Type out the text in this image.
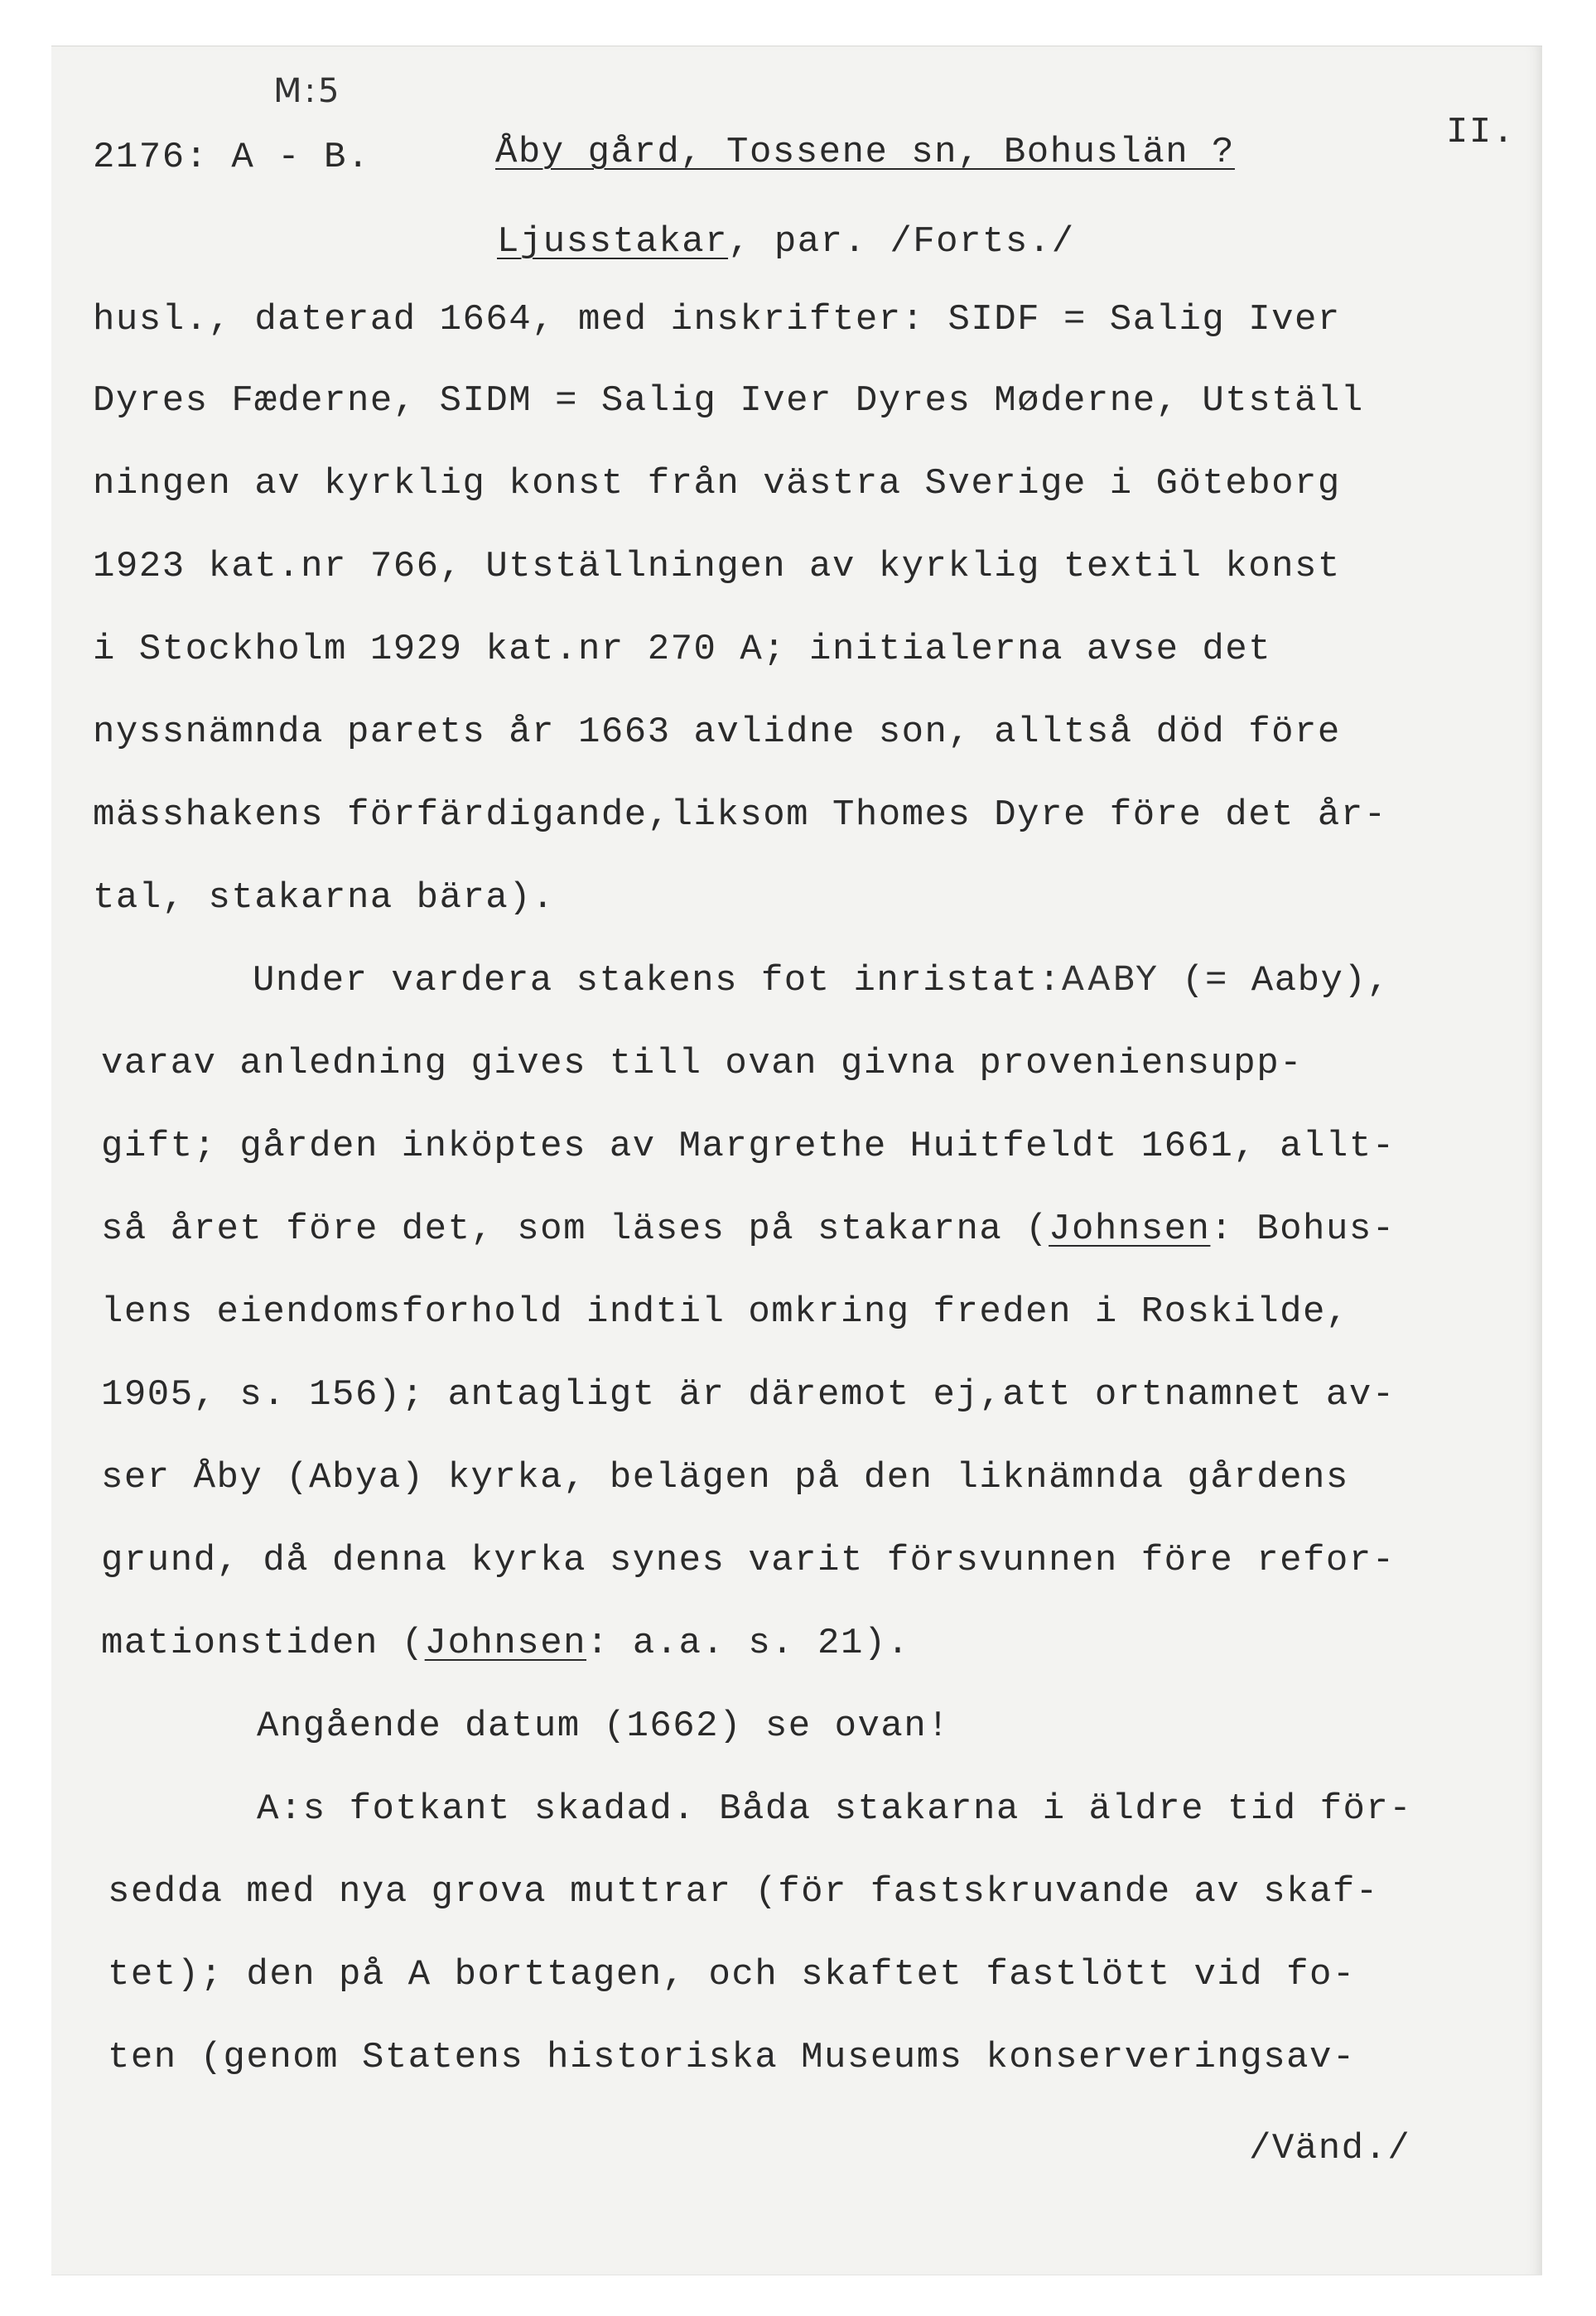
M:5
2176: A - B.	Åby gård, Tossene sn, Bohuslän ?	II.
Ljusstakar, par. /Forts./
husl., daterad 1664, med inskrifter: SIDF = Salig Iver
Dyres Fæderne, SIDM = Salig Iver Dyres Møderne, Utställ
ningen av kyrklig konst från västra Sverige i Göteborg
1923 kat.nr 766, Utställningen av kyrklig textil konst
i Stockholm 1929 kat.nr 270 A; initialerna avse det
nyssnämnda parets år 1663 avlidne son, alltså död före
mässhakens förfärdigande,liksom Thomes Dyre före det år-
tal, stakarna bära).
Under vardera stakens fot inristat:AABY (= Aaby),
varav anledning gives till ovan givna proveniensupp-
gift; gården inköptes av Margrethe Huitfeldt 1661, allt-
så året före det, som läses på stakarna (Johnsen: Bohus-
lens eiendomsforhold indtil omkring freden i Roskilde,
1905, s. 156); antagligt är däremot ej,att ortnamnet av-
ser Åby (Abya) kyrka, belägen på den liknämnda gårdens
grund, då denna kyrka synes varit försvunnen före refor-
mationstiden (Johnsen: a.a. s. 21).
Angående datum (1662) se ovan!
A:s fotkant skadad. Båda stakarna i äldre tid för-
sedda med nya grova muttrar (för fastskruvande av skaf-
tet); den på A borttagen, och skaftet fastlött vid fo-
ten (genom Statens historiska Museums konserveringsav-
/Vänd./
